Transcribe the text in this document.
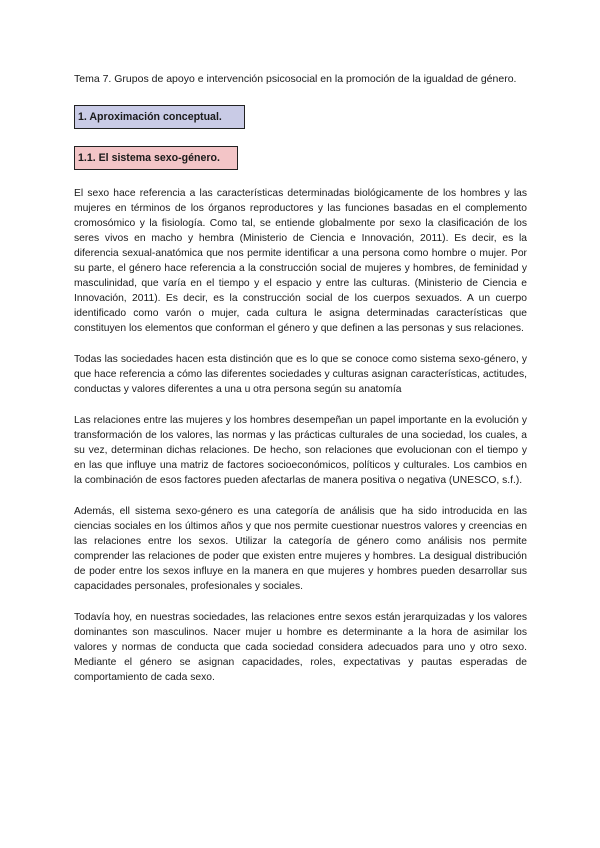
Tema 7. Grupos de apoyo e intervención psicosocial en la promoción de la igualdad de género.

1. Aproximación conceptual.
1.1. El sistema sexo-género.

El sexo hace referencia a las características determinadas biológicamente de los hombres y las mujeres en términos de los órganos reproductores y las funciones basadas en el complemento cromosómico y la fisiología. Como tal, se entiende globalmente por sexo la clasificación de los seres vivos en macho y hembra (Ministerio de Ciencia e Innovación, 2011). Es decir, es la diferencia sexual-anatómica que nos permite identificar a una persona como hombre o mujer. Por su parte, el género hace referencia a la construcción social de mujeres y hombres, de feminidad y masculinidad, que varía en el tiempo y el espacio y entre las culturas. (Ministerio de Ciencia e Innovación, 2011). Es decir, es la construcción social de los cuerpos sexuados. A un cuerpo identificado como varón o mujer, cada cultura le asigna determinadas características que constituyen los elementos que conforman el género y que definen a las personas y sus relaciones.

Todas las sociedades hacen esta distinción que es lo que se conoce como sistema sexo-género, y que hace referencia a cómo las diferentes sociedades y culturas asignan características, actitudes, conductas y valores diferentes a una u otra persona según su anatomía

Las relaciones entre las mujeres y los hombres desempeñan un papel importante en la evolución y transformación de los valores, las normas y las prácticas culturales de una sociedad, los cuales, a su vez, determinan dichas relaciones. De hecho, son relaciones que evolucionan con el tiempo y en las que influye una matriz de factores socioeconómicos, políticos y culturales. Los cambios en la combinación de esos factores pueden afectarlas de manera positiva o negativa (UNESCO, s.f.).

Además, ell sistema sexo-género es una categoría de análisis que ha sido introducida en las ciencias sociales en los últimos años y que nos permite cuestionar nuestros valores y creencias en las relaciones entre los sexos. Utilizar la categoría de género como análisis nos permite comprender las relaciones de poder que existen entre mujeres y hombres. La desigual distribución de poder entre los sexos influye en la manera en que mujeres y hombres pueden desarrollar sus capacidades personales, profesionales y sociales.

Todavía hoy, en nuestras sociedades, las relaciones entre sexos están jerarquizadas y los valores dominantes son masculinos. Nacer mujer u hombre es determinante a la hora de asimilar los valores y normas de conducta que cada sociedad considera adecuados para uno y otro sexo. Mediante el género se asignan capacidades, roles, expectativas y pautas esperadas de comportamiento de cada sexo.
